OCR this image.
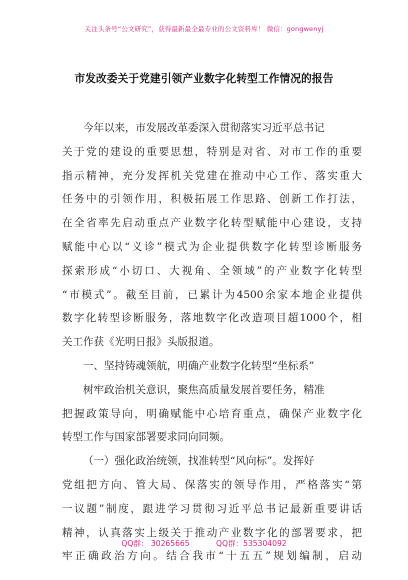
关注头条号“公文研究”，获得最新最全最专业的公文资料库！ 微信：gongwenyj
市发改委关于党建引领产业数字化转型工作情况的报告
今年以来，市发展改革委深入贯彻落实习近平总书记
关于党的建设的重要思想，特别是对省、对市工作的重要
指示精神，充分发挥机关党建在推动中心工作、落实重大
任务中的引领作用，积极拓展工作思路、创新工作打法，
在全省率先启动重点产业数字化转型赋能中心建设，支持
赋能中心以“义诊”模式为企业提供数字化转型诊断服务
探索形成“小切口、大视角、全领域”的产业数字化转型
“市模式”。截至目前，已累计为4500余家本地企业提供
数字化转型诊断服务，落地数字化改造项目超1000个，相
关工作获《光明日报》头版报道。
一、坚持铸魂领航，明确产业数字化转型“坐标系”
树牢政治机关意识，聚焦高质量发展首要任务，精准
把握政策导向，明确赋能中心培育重点，确保产业数字化
转型工作与国家部署要求同向同频。
（一）强化政治统领，找准转型“风向标”。发挥好
党组把方向、管大局、保落实的领导作用，严格落实“第
一议题”制度，跟进学习贯彻习近平总书记最新重要讲话
精神，认真落实上级关于推动产业数字化的部署要求，把
牢正确政治方向。结合我市“十五五”规划编制，启动
QQ群： 30265665	QQ群：535304092
